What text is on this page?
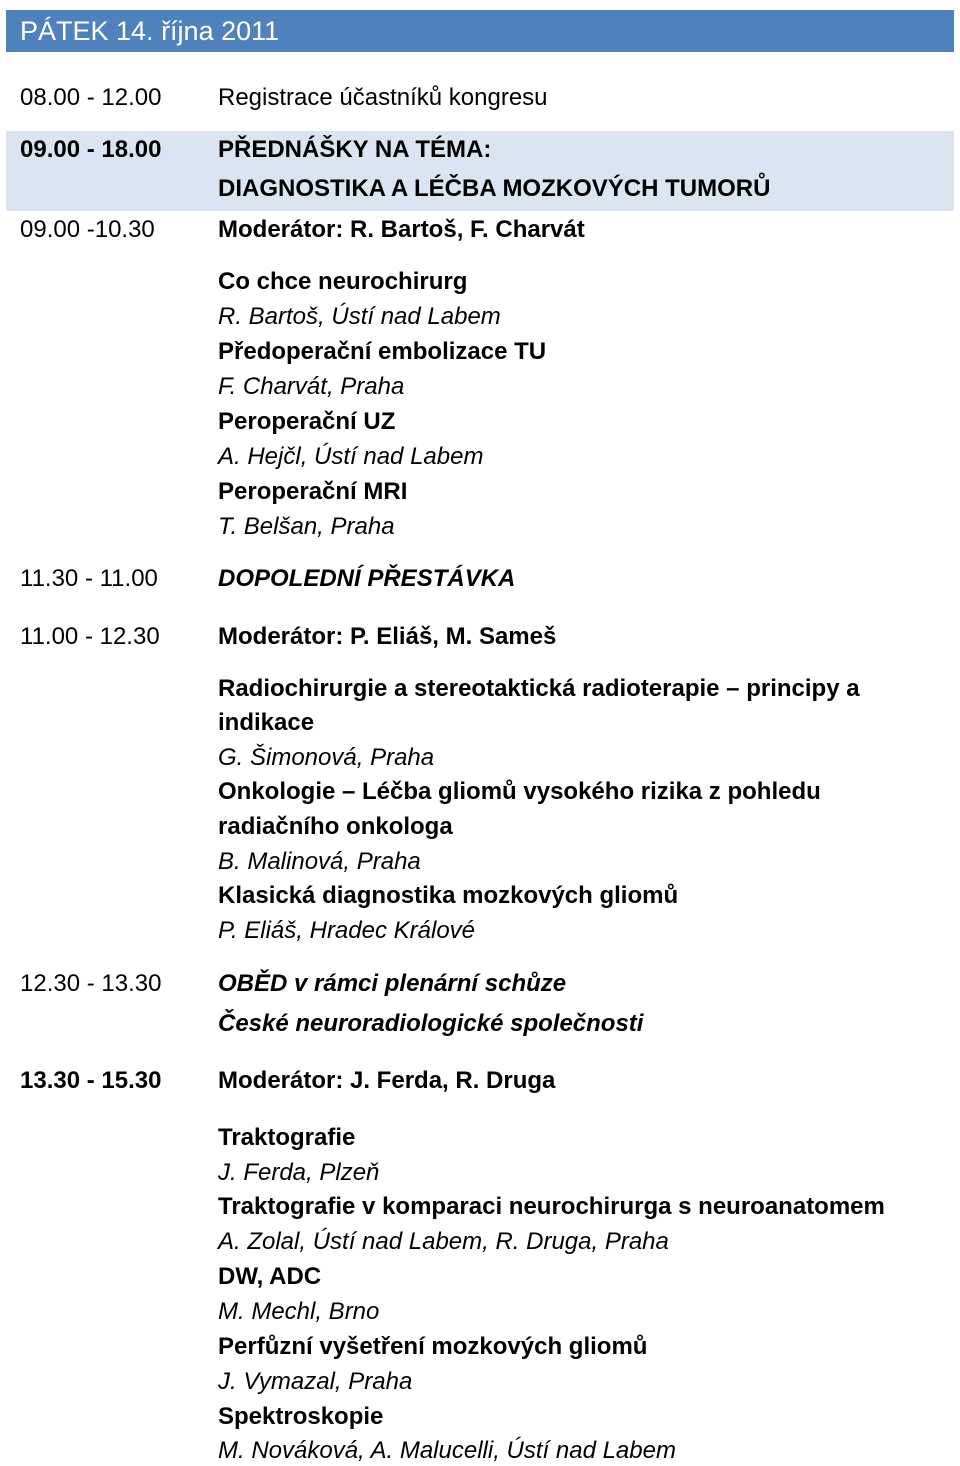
PÁTEK 14. října 2011
08.00 - 12.00 Registrace účastníků kongresu
09.00 - 18.00 PŘEDNÁŠKY NA TÉMA:
DIAGNOSTIKA A LÉČBA MOZKOVÝCH TUMORŮ
09.00 -10.30	Moderátor: R. Bartoš, F. Charvát
Co chce neurochirurg
R. Bartoš, Ústí nad Labem
Předoperační embolizace TU
F. Charvát, Praha
Peroperační UZ
A. Hejčl, Ústí nad Labem
Peroperační MRI
T. Belšan, Praha
11.30 - 11.00	DOPOLEDNÍ PŘESTÁVKA
11.00 - 12.30 Moderátor: P. Eliáš, M. Sameš
Radiochirurgie a stereotaktická radioterapie – principy a
indikace
G. Šimonová, Praha
Onkologie – Léčba gliomů vysokého rizika z pohledu
radiačního onkologa
B. Malinová, Praha
Klasická diagnostika mozkových gliomů
P. Eliáš, Hradec Králové
12.30 - 13.30 OBĚD v rámci plenární schůze
České neuroradiologické společnosti
13.30 - 15.30 Moderátor: J. Ferda, R. Druga
Traktografie
J. Ferda, Plzeň
Traktografie v komparaci neurochirurga s neuroanatomem
A. Zolal, Ústí nad Labem, R. Druga, Praha
DW, ADC
M. Mechl, Brno
Perfůzní vyšetření mozkových gliomů
J. Vymazal, Praha
Spektroskopie
M. Nováková, A. Malucelli, Ústí nad Labem
